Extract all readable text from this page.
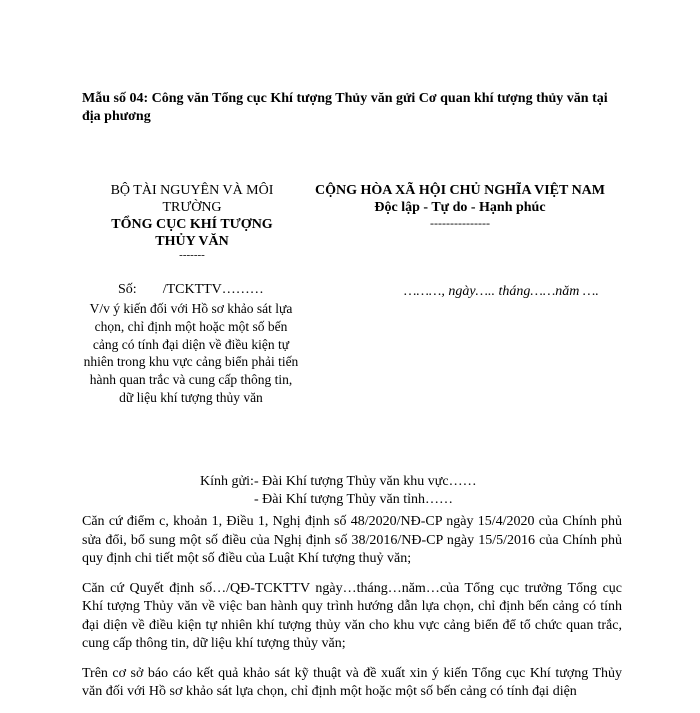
Mẫu số 04: Công văn Tổng cục Khí tượng Thủy văn gửi Cơ quan khí tượng thủy văn tại địa phương
BỘ TÀI NGUYÊN VÀ MÔI TRƯỜNG
TỔNG CỤC KHÍ TƯỢNG THỦY VĂN
-------
CỘNG HÒA XÃ HỘI CHỦ NGHĨA VIỆT NAM
Độc lập - Tự do - Hạnh phúc
---------------
Số: /TCKTTV………
V/v ý kiến đối với Hồ sơ khảo sát lựa chọn, chỉ định một hoặc một số bến cảng có tính đại diện về điều kiện tự nhiên trong khu vực cảng biển phải tiến hành quan trắc và cung cấp thông tin, dữ liệu khí tượng thủy văn
………, ngày….. tháng……năm ….
Kính gửi: - Đài Khí tượng Thủy văn khu vực……
- Đài Khí tượng Thủy văn tỉnh……

Căn cứ điểm c, khoản 1, Điều 1, Nghị định số 48/2020/NĐ-CP ngày 15/4/2020 của Chính phủ sửa đổi, bổ sung một số điều của Nghị định số 38/2016/NĐ-CP ngày 15/5/2016 của Chính phủ quy định chi tiết một số điều của Luật Khí tượng thuỷ văn;

Căn cứ Quyết định số…/QĐ-TCKTTV ngày…tháng…năm…của Tổng cục trưởng Tổng cục Khí tượng Thủy văn về việc ban hành quy trình hướng dẫn lựa chọn, chỉ định bến cảng có tính đại diện về điều kiện tự nhiên khí tượng thủy văn cho khu vực cảng biển để tổ chức quan trắc, cung cấp thông tin, dữ liệu khí tượng thủy văn;

Trên cơ sở báo cáo kết quả khảo sát kỹ thuật và đề xuất xin ý kiến Tổng cục Khí tượng Thủy văn đối với Hồ sơ khảo sát lựa chọn, chỉ định một hoặc một số bến cảng có tính đại diện
